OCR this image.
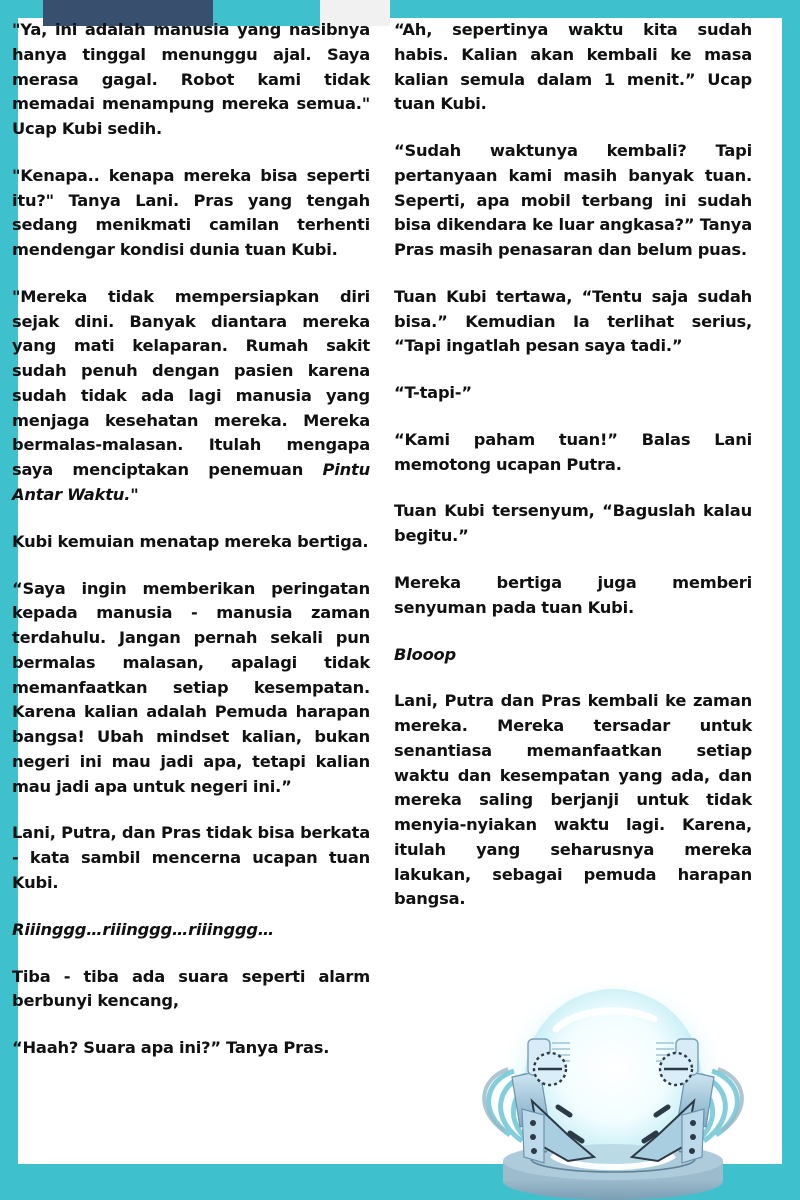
"Ya, ini adalah manusia yang nasibnya hanya tinggal menunggu ajal. Saya merasa gagal. Robot kami tidak memadai menampung mereka semua." Ucap Kubi sedih.

"Kenapa.. kenapa mereka bisa seperti itu?" Tanya Lani. Pras yang tengah sedang menikmati camilan terhenti mendengar kondisi dunia tuan Kubi.

"Mereka tidak mempersiapkan diri sejak dini. Banyak diantara mereka yang mati kelaparan. Rumah sakit sudah penuh dengan pasien karena sudah tidak ada lagi manusia yang menjaga kesehatan mereka. Mereka bermalas-malasan. Itulah mengapa saya menciptakan penemuan Pintu Antar Waktu."

Kubi kemuian menatap mereka bertiga.

“Saya ingin memberikan peringatan kepada manusia - manusia zaman terdahulu. Jangan pernah sekali pun bermalas malasan, apalagi tidak memanfaatkan setiap kesempatan. Karena kalian adalah Pemuda harapan bangsa! Ubah mindset kalian, bukan negeri ini mau jadi apa, tetapi kalian mau jadi apa untuk negeri ini.”

Lani, Putra, dan Pras tidak bisa berkata - kata sambil mencerna ucapan tuan Kubi.

Riiinggg…riiinggg…riiinggg…

Tiba - tiba ada suara seperti alarm berbunyi kencang,

“Haah? Suara apa ini?” Tanya Pras.

“Ah, sepertinya waktu kita sudah habis. Kalian akan kembali ke masa kalian semula dalam 1 menit.” Ucap tuan Kubi.

“Sudah waktunya kembali? Tapi pertanyaan kami masih banyak tuan. Seperti, apa mobil terbang ini sudah bisa dikendara ke luar angkasa?” Tanya Pras masih penasaran dan belum puas.

Tuan Kubi tertawa, “Tentu saja sudah bisa.” Kemudian Ia terlihat serius, “Tapi ingatlah pesan saya tadi.”

“T-tapi-”

“Kami paham tuan!” Balas Lani memotong ucapan Putra.

Tuan Kubi tersenyum, “Baguslah kalau begitu.”

Mereka bertiga juga memberi senyuman pada tuan Kubi.

Blooop

Lani, Putra dan Pras kembali ke zaman mereka. Mereka tersadar untuk senantiasa memanfaatkan setiap waktu dan kesempatan yang ada, dan mereka saling berjanji untuk tidak menyia-nyiakan waktu lagi. Karena, itulah yang seharusnya mereka lakukan, sebagai pemuda harapan bangsa.
